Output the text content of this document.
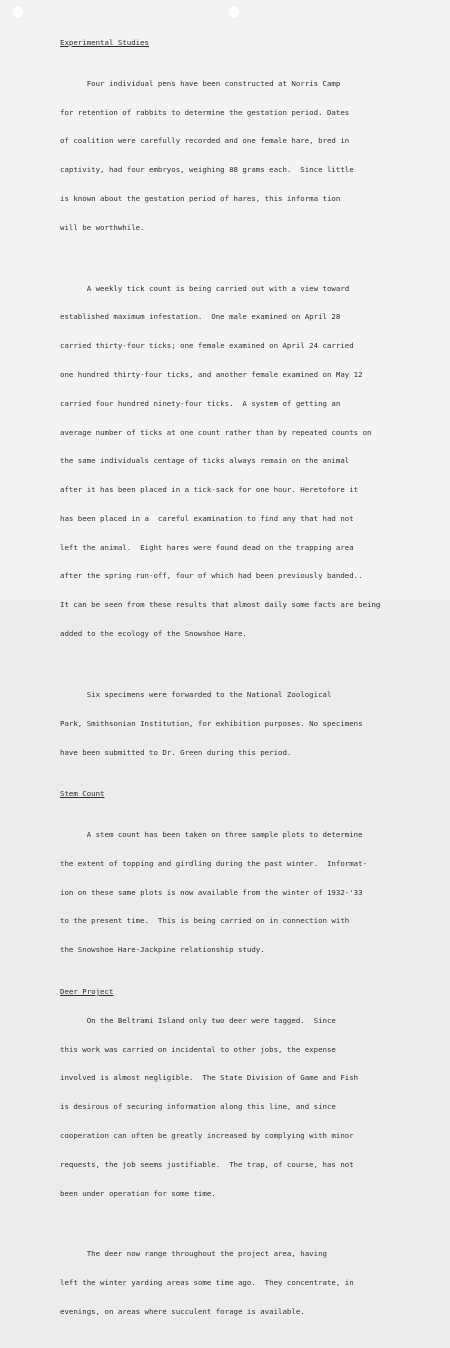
Experimental Studies

Four individual pens have been constructed at Norris Camp

for retention of rabbits to determine the gestation period. Dates

of coalition were carefully recorded and one female hare, bred in

captivity, had four embryos, weighing 88 grams each.  Since little

is known about the gestation period of hares, this informa tion

will be worthwhile.

A weekly tick count is being carried out with a view toward

established maximum infestation.  One male examined on April 28

carried thirty-four ticks; one female examined on April 24 carried

one hundred thirty-four ticks, and another female examined on May 12

carried four hundred ninety-four ticks.  A system of getting an

average number of ticks at one count rather than by repeated counts on

the same individuals centage of ticks always remain on the animal

after it has been placed in a tick-sack for one hour. Heretofore it

has been placed in a  careful examination to find any that had not

left the animal.  Eight hares were found dead on the trapping area

after the spring run-off, four of which had been previously banded..

It can be seen from these results that almost daily some facts are being

added to the ecology of the Snowshoe Hare.

Six specimens were forwarded to the National Zoological

Park, Smithsonian Institution, for exhibition purposes. No specimens

have been submitted to Dr. Green during this period.

Stem Count

A stem count has been taken on three sample plots to determine

the extent of topping and girdling during the past winter.  Informat-

ion on these same plots is now available from the winter of 1932-'33

to the present time.  This is being carried on in connection with

the Snowshoe Hare-Jackpine relationship study.

Deer Project

On the Beltrami Island only two deer were tagged.  Since

this work was carried on incidental to other jobs, the expense

involved is almost negligible.  The State Division of Game and Fish

is desirous of securing information along this line, and since

cooperation can often be greatly increased by complying with minor

requests, the job seems justifiable.  The trap, of course, has not

been under operation for some time.

The deer now range throughout the project area, having

left the winter yarding areas some time ago.  They concentrate, in

evenings, on areas where succulent forage is available.
